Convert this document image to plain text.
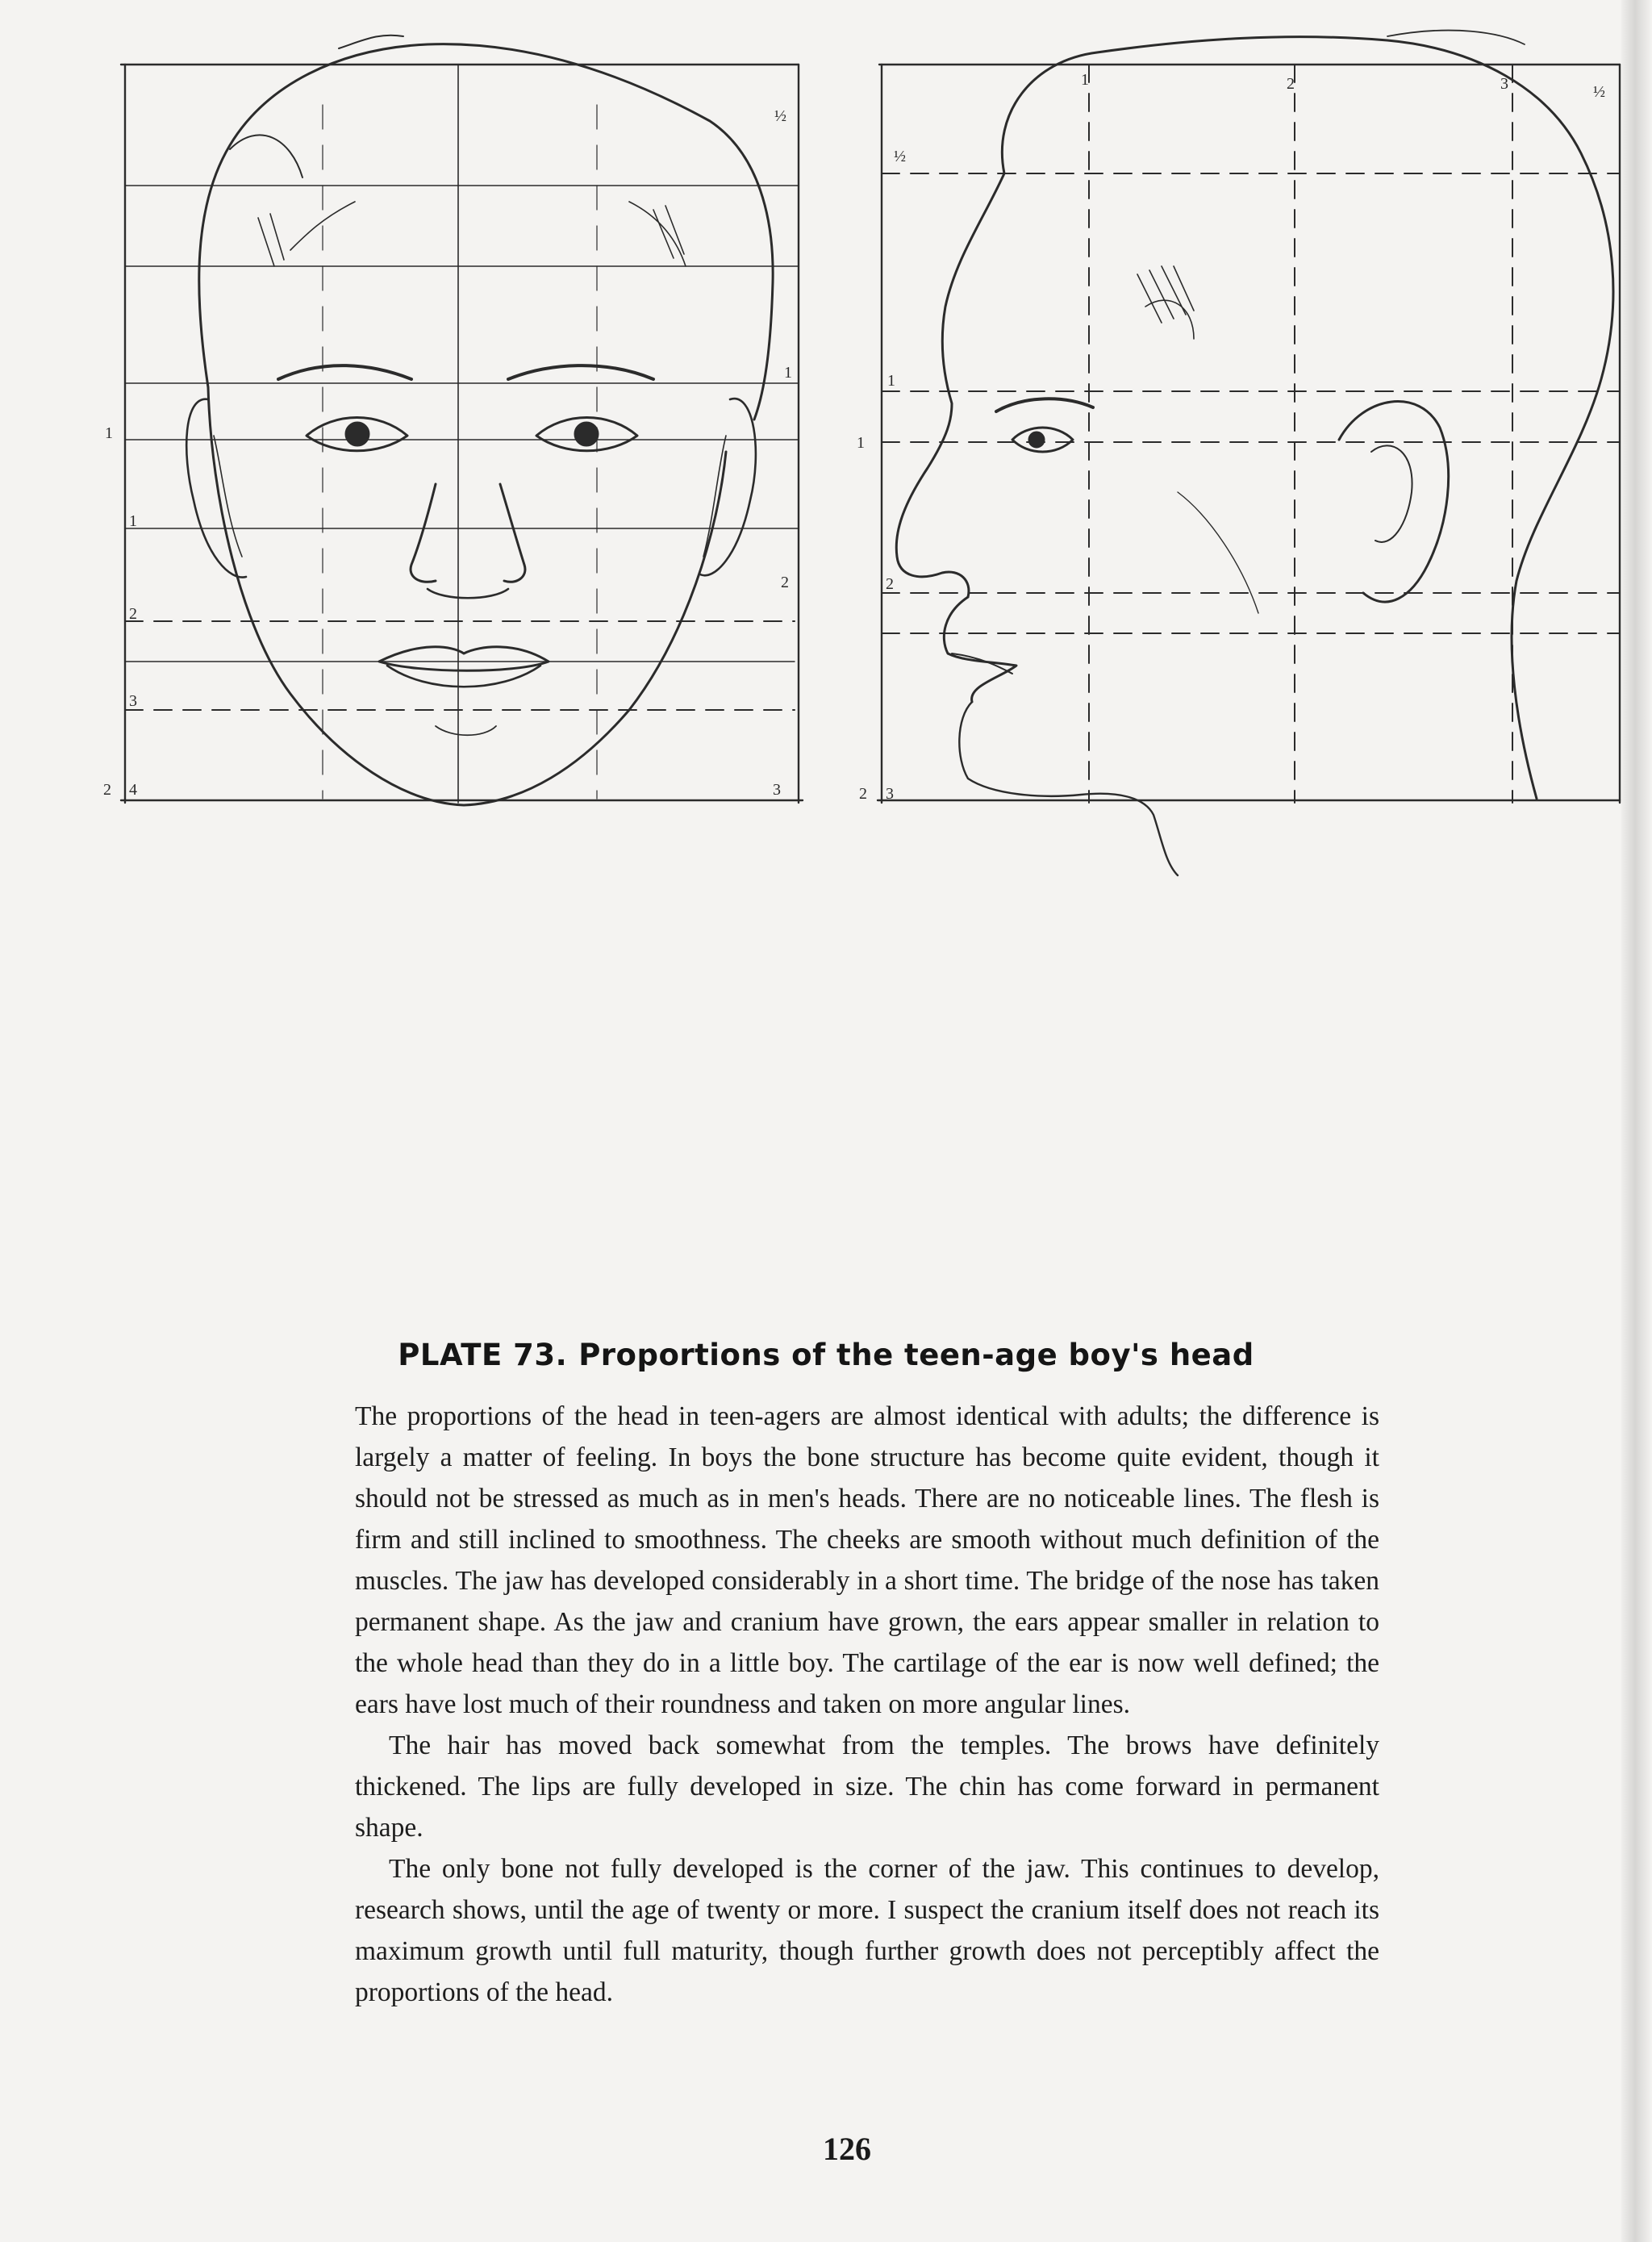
½
1
2
3
1
2
1
2
3
4
1	2	3	½
½
1
1
2
2 3
PLATE 73. Proportions of the teen-age boy's head

The proportions of the head in teen-agers are almost identical with adults; the difference is largely a matter of feeling. In boys the bone structure has become quite evident, though it should not be stressed as much as in men's heads. There are no noticeable lines. The flesh is firm and still inclined to smoothness. The cheeks are smooth without much definition of the muscles. The jaw has developed considerably in a short time. The bridge of the nose has taken permanent shape. As the jaw and cranium have grown, the ears appear smaller in relation to the whole head than they do in a little boy. The cartilage of the ear is now well defined; the ears have lost much of their roundness and taken on more angular lines.

The hair has moved back somewhat from the temples. The brows have definitely thickened. The lips are fully developed in size. The chin has come forward in permanent shape.

The only bone not fully developed is the corner of the jaw. This continues to develop, research shows, until the age of twenty or more. I suspect the cranium itself does not reach its maximum growth until full maturity, though further growth does not perceptibly affect the proportions of the head.

126
